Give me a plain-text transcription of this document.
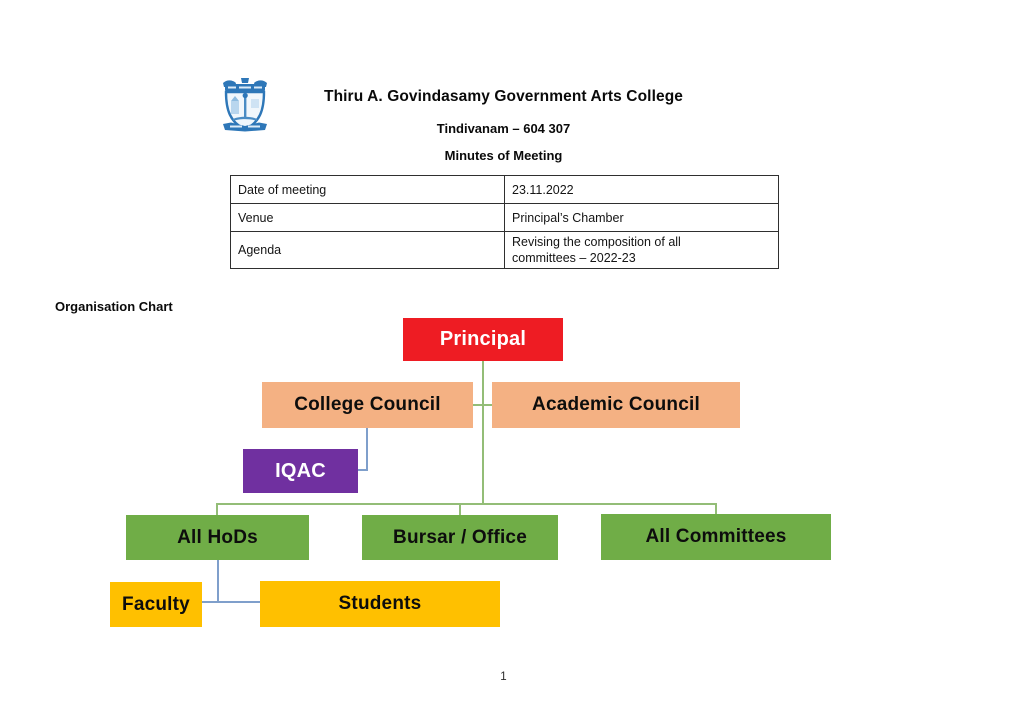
Thiru A. Govindasamy Government Arts College
Tindivanam – 604 307
Minutes of Meeting
Date of meeting	23.11.2022
Venue	Principal’s Chamber
Agenda	Revising the composition of all committees – 2022-23
Organisation Chart
Principal
College Council	Academic Council
IQAC
All HoDs	Bursar / Office	All Committees
Faculty	Students
1
